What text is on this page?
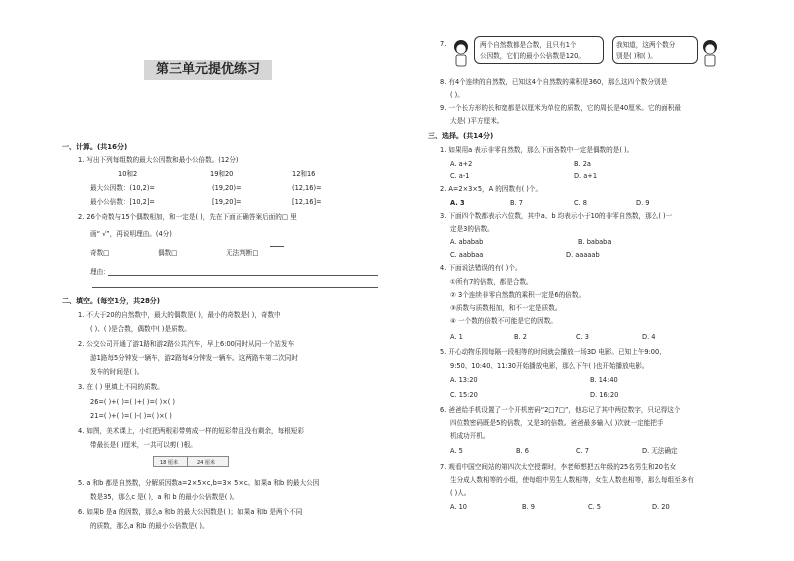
第三单元提优练习
一、计算。(共16分)
1. 写出下列每组数的最大公因数和最小公倍数。(12分)
10和2	19和20	12和16
最大公因数：(10,2)=	(19,20)=	(12,16)=
最小公倍数：[10,2]=	[19,20]=	[12,16]=
2. 26个奇数与15个偶数相加，和一定是( )，先在下面正确答案后面的□ 里
画“ √”，再说明理由。(4分)
奇数□	偶数□	无法判断□
理由：
二、填空。(每空1分，共28分)
1. 不大于20的自然数中，最大的偶数是( )，最小的奇数是( )，奇数中
( )、( )是合数，偶数中( )是质数。
2. 公交公司开通了游1路和游2路公共汽车，早上6:00同时从同一个站发车
游1路每5分钟发一辆车，游2路每4分钟发一辆车。这两路车第二次同时
发车的时间是( )。
3. 在 ( ) 里填上不同的质数。
26=( )+( )=( )+( )=( )×( )
21=( )+( )=( )-( )=( )×( )
4. 如图，美术课上，小红把两根彩带剪成一样的短彩带且没有剩余，每根短彩
带最长是( )厘米，一共可以剪( )根。
18 厘米	24 厘米
5. a 和b 都是自然数，分解质因数a=2×5×c,b=3× 5×c。如果a 和b 的最大公因
数是35，那么c 是( )，a 和 b 的最小公倍数是( )。
6. 如果b 是a 的因数，那么a 和b 的最大公因数是( )；如果a 和b 是两个不同
的质数，那么a 和b 的最小公倍数是( )。
7.	两个自然数都是合数，且只有1个
公因数，它们的最小公倍数是120。
我知道，这两个数分
别是( )和( )。
8. 有4个连续的自然数，已知这4个自然数的乘积是360，那么这四个数分别是
( )。
9. 一个长方形的长和宽都是以厘米为单位的质数，它的周长是40厘米。它的面积最
大是( )平方厘米。
三、选择。(共14分)
1. 如果用a 表示非零自然数，那么下面各数中一定是偶数的是( )。
A. a+2	B. 2a
C. a-1	D. a+1
2. A=2×3×5，A 的因数有( )个。
A. 3	B. 7	C. 8	D. 9
3. 下面四个数都表示六位数，其中a、b 均表示小于10的非零自然数，那么( )一
定是3的倍数。
A. ababab	B. bababa
C. aabbaa	D. aaaaab
4. 下面说法错误的有( )个。
①所有7的倍数，都是合数。
② 3个连续非零自然数的乘积一定是6的倍数。
③质数与质数相加，和不一定是质数。
④ 一个数的倍数不可能是它的因数。
A. 1	B. 2	C. 3	D. 4
5. 开心动物乐园每隔一段相等的时间就会播放一场3D 电影。已知上午9:00、
9:50、10:40、11:30开始播放电影，那么下午( )也开始播放电影。
A. 13:20	B. 14:40
C. 15:20	D. 16:20
6. 爸爸给手机设置了一个开机密码“2□7□”，他忘记了其中两位数字，只记得这个
四位数密码既是5的倍数，又是3的倍数。爸爸最多输入( )次就一定能把手
机成功开机。
A. 5	B. 6	C. 7	D. 无法确定
7. 观看中国空间站的第四次太空授课时，李老师想把五年级的25名男生和20名女
生分成人数相等的小组，使每组中男生人数相等，女生人数也相等，那么每组至多有
( )人。
A. 10	B. 9	C. 5	D. 20
